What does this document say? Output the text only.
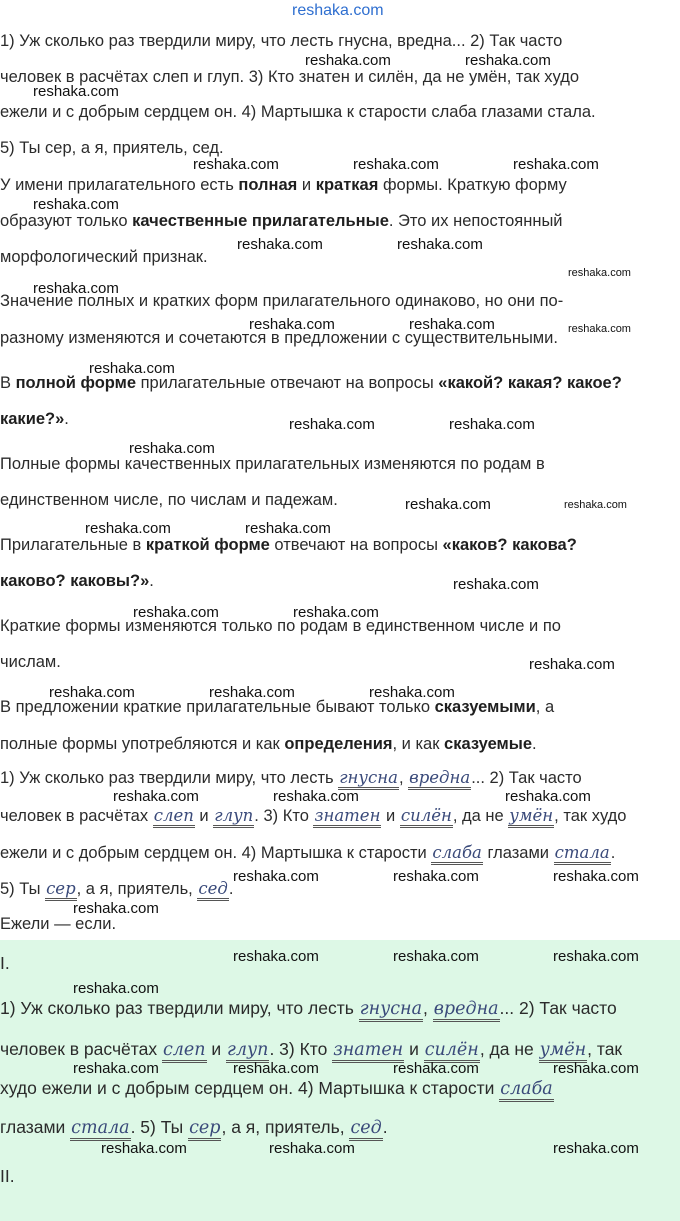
reshaka.com
1) Уж сколько раз твердили миру, что лесть гнусна, вредна... 2) Так часто
человек в расчётах слеп и глуп. 3) Кто знатен и силён, да не умён, так худо
ежели и с добрым сердцем он. 4) Мартышка к старости слаба глазами стала.
5) Ты сер, а я, приятель, сед.
У имени прилагательного есть полная и краткая формы. Краткую форму
образуют только качественные прилагательные. Это их непостоянный
морфологический признак.
Значение полных и кратких форм прилагательного одинаково, но они по-
разному изменяются и сочетаются в предложении с существительными.
В полной форме прилагательные отвечают на вопросы «какой? какая? какое?
какие?».
Полные формы качественных прилагательных изменяются по родам в
единственном числе, по числам и падежам.
Прилагательные в краткой форме отвечают на вопросы «каков? какова?
каково? каковы?».
Краткие формы изменяются только по родам в единственном числе и по
числам.
В предложении краткие прилагательные бывают только сказуемыми, а
полные формы употребляются и как определения, и как сказуемые.
1) Уж сколько раз твердили миру, что лесть гнусна, вредна... 2) Так часто
человек в расчётах слеп и глуп. 3) Кто знатен и силён, да не умён, так худо
ежели и с добрым сердцем он. 4) Мартышка к старости слаба глазами стала.
5) Ты сер, а я, приятель, сед.
Ежели — если.
I.
1) Уж сколько раз твердили миру, что лесть гнусна, вредна... 2) Так часто
человек в расчётах слеп и глуп. 3) Кто знатен и силён, да не умён, так
худо ежели и с добрым сердцем он. 4) Мартышка к старости слаба
глазами стала. 5) Ты сер, а я, приятель, сед.
II.
reshaka.com	reshaka.com
reshaka.com
reshaka.com	reshaka.com	reshaka.com
reshaka.com
reshaka.com	reshaka.com
reshaka.com
reshaka.com
reshaka.com	reshaka.com	reshaka.com
reshaka.com
reshaka.com	reshaka.com
reshaka.com
reshaka.com	reshaka.com
reshaka.com	reshaka.com
reshaka.com
reshaka.com	reshaka.com
reshaka.com
reshaka.com	reshaka.com	reshaka.com
reshaka.com	reshaka.com	reshaka.com
reshaka.com	reshaka.com	reshaka.com
reshaka.com
reshaka.com	reshaka.com	reshaka.com
reshaka.com
reshaka.com	reshaka.com	reshaka.com	reshaka.com
reshaka.com	reshaka.com	reshaka.com
